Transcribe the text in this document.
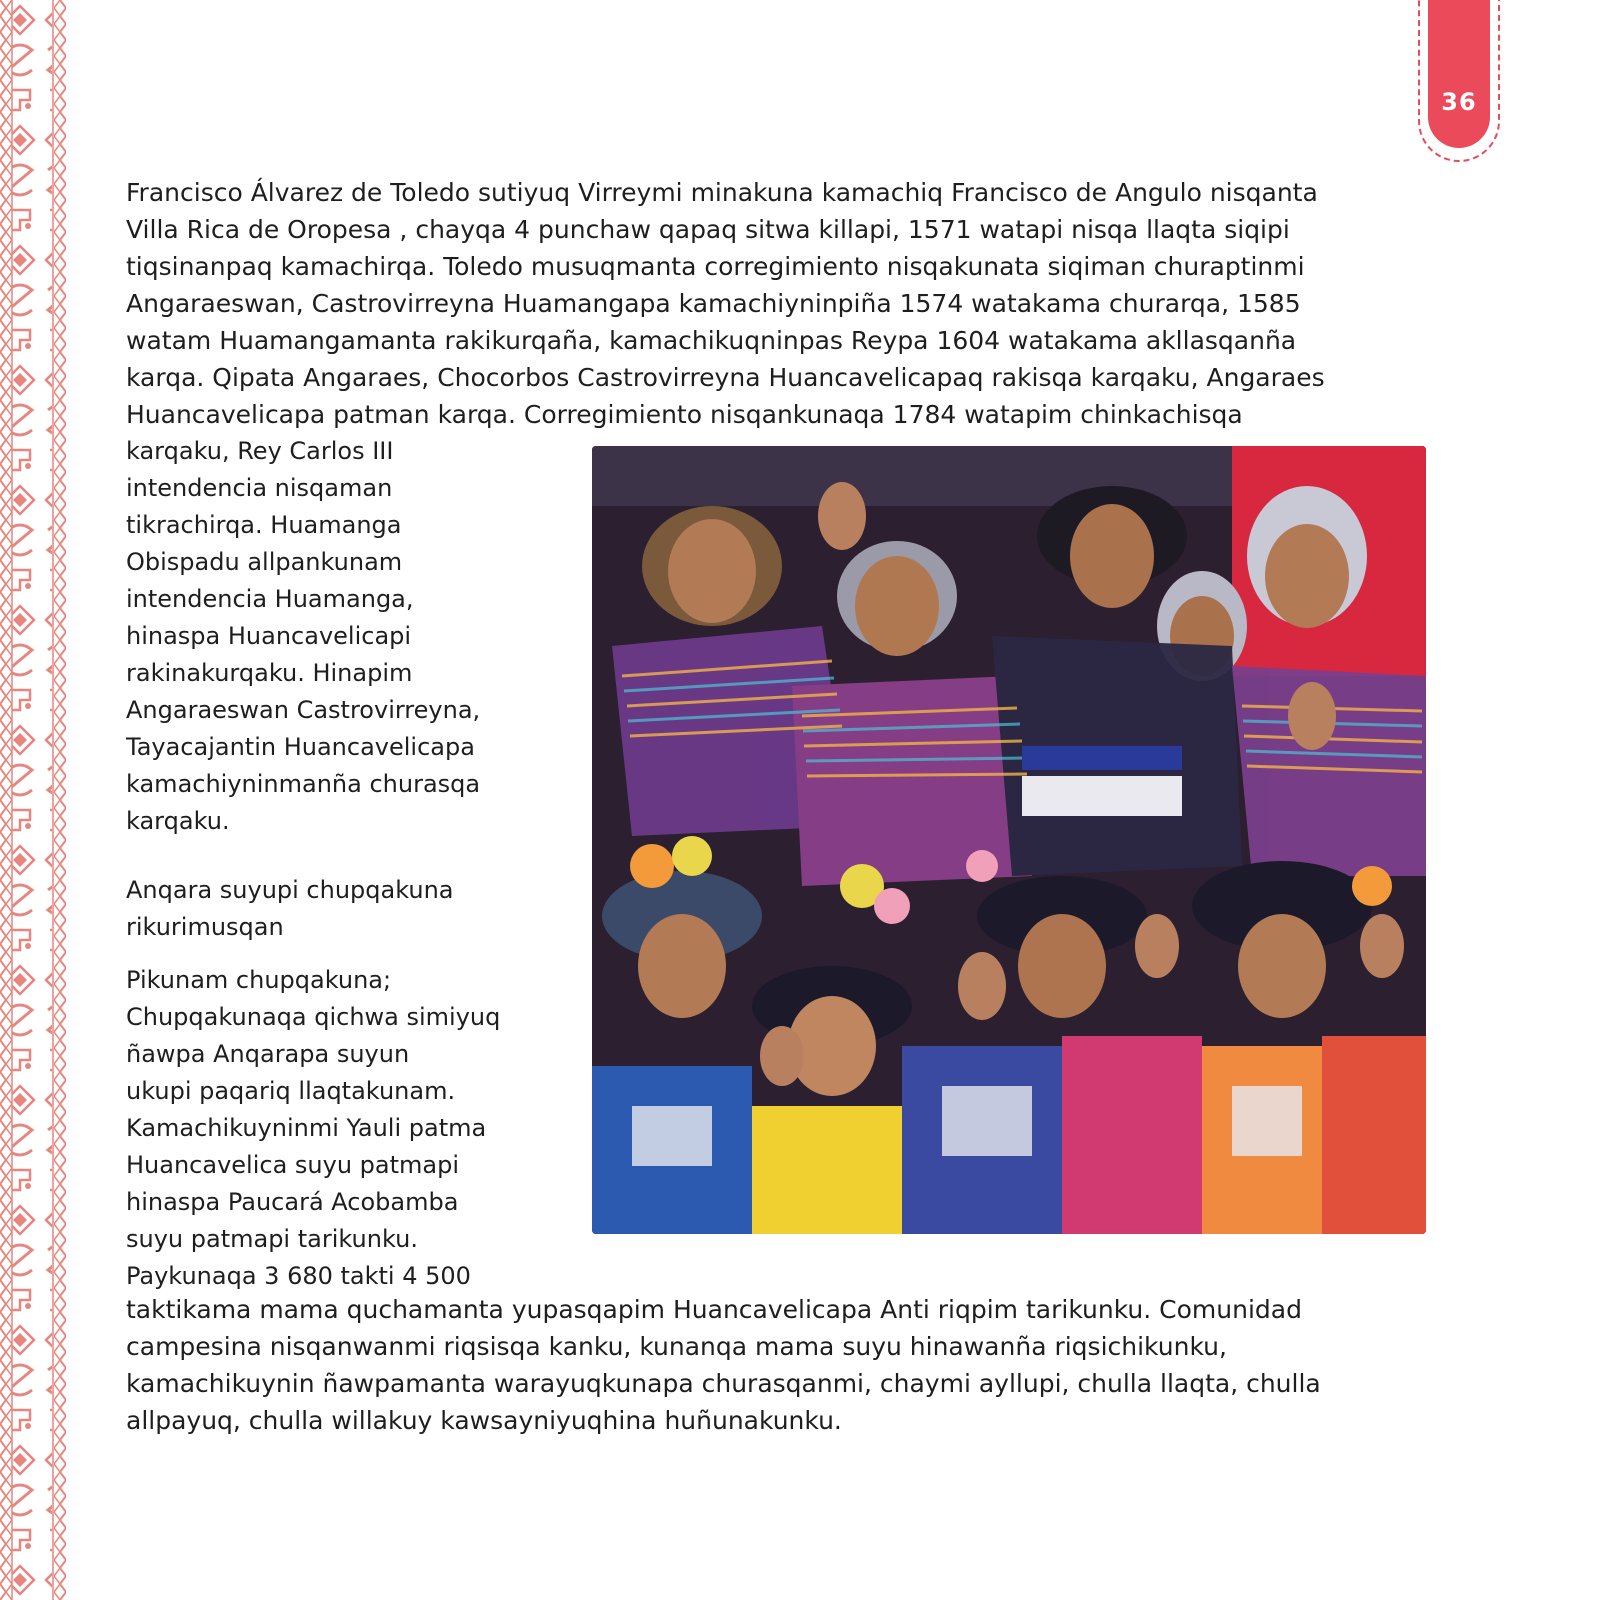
36
Francisco Álvarez de Toledo sutiyuq Virreymi minakuna kamachiq Francisco de Angulo nisqanta
Villa Rica de Oropesa , chayqa 4 punchaw qapaq sitwa killapi, 1571 watapi nisqa llaqta siqipi
tiqsinanpaq kamachirqa. Toledo musuqmanta corregimiento nisqakunata siqiman churaptinmi
Angaraeswan, Castrovirreyna Huamangapa kamachiyninpiña 1574 watakama churarqa, 1585
watam Huamangamanta rakikurqaña, kamachikuqninpas Reypa 1604 watakama akllasqanña
karqa. Qipata Angaraes, Chocorbos Castrovirreyna Huancavelicapaq rakisqa karqaku, Angaraes
Huancavelicapa patman karqa. Corregimiento nisqankunaqa 1784 watapim chinkachisqa
karqaku, Rey Carlos III
intendencia nisqaman
tikrachirqa. Huamanga
Obispadu allpankunam
intendencia Huamanga,
hinaspa Huancavelicapi
rakinakurqaku. Hinapim
Angaraeswan Castrovirreyna,
Tayacajantin Huancavelicapa
kamachiyninmanña churasqa
karqaku.
Anqara suyupi chupqakuna
rikurimusqan
Pikunam chupqakuna;
Chupqakunaqa qichwa simiyuq
ñawpa Anqarapa suyun
ukupi paqariq llaqtakunam.
Kamachikuyninmi Yauli patma
Huancavelica suyu patmapi
hinaspa Paucará Acobamba
suyu patmapi tarikunku.
Paykunaqa 3 680 takti 4 500
taktikama mama quchamanta yupasqapim Huancavelicapa Anti riqpim tarikunku. Comunidad
campesina nisqanwanmi riqsisqa kanku, kunanqa mama suyu hinawanña riqsichikunku,
kamachikuynin ñawpamanta warayuqkunapa churasqanmi, chaymi ayllupi, chulla llaqta, chulla
allpayuq, chulla willakuy kawsayniyuqhina huñunakunku.
